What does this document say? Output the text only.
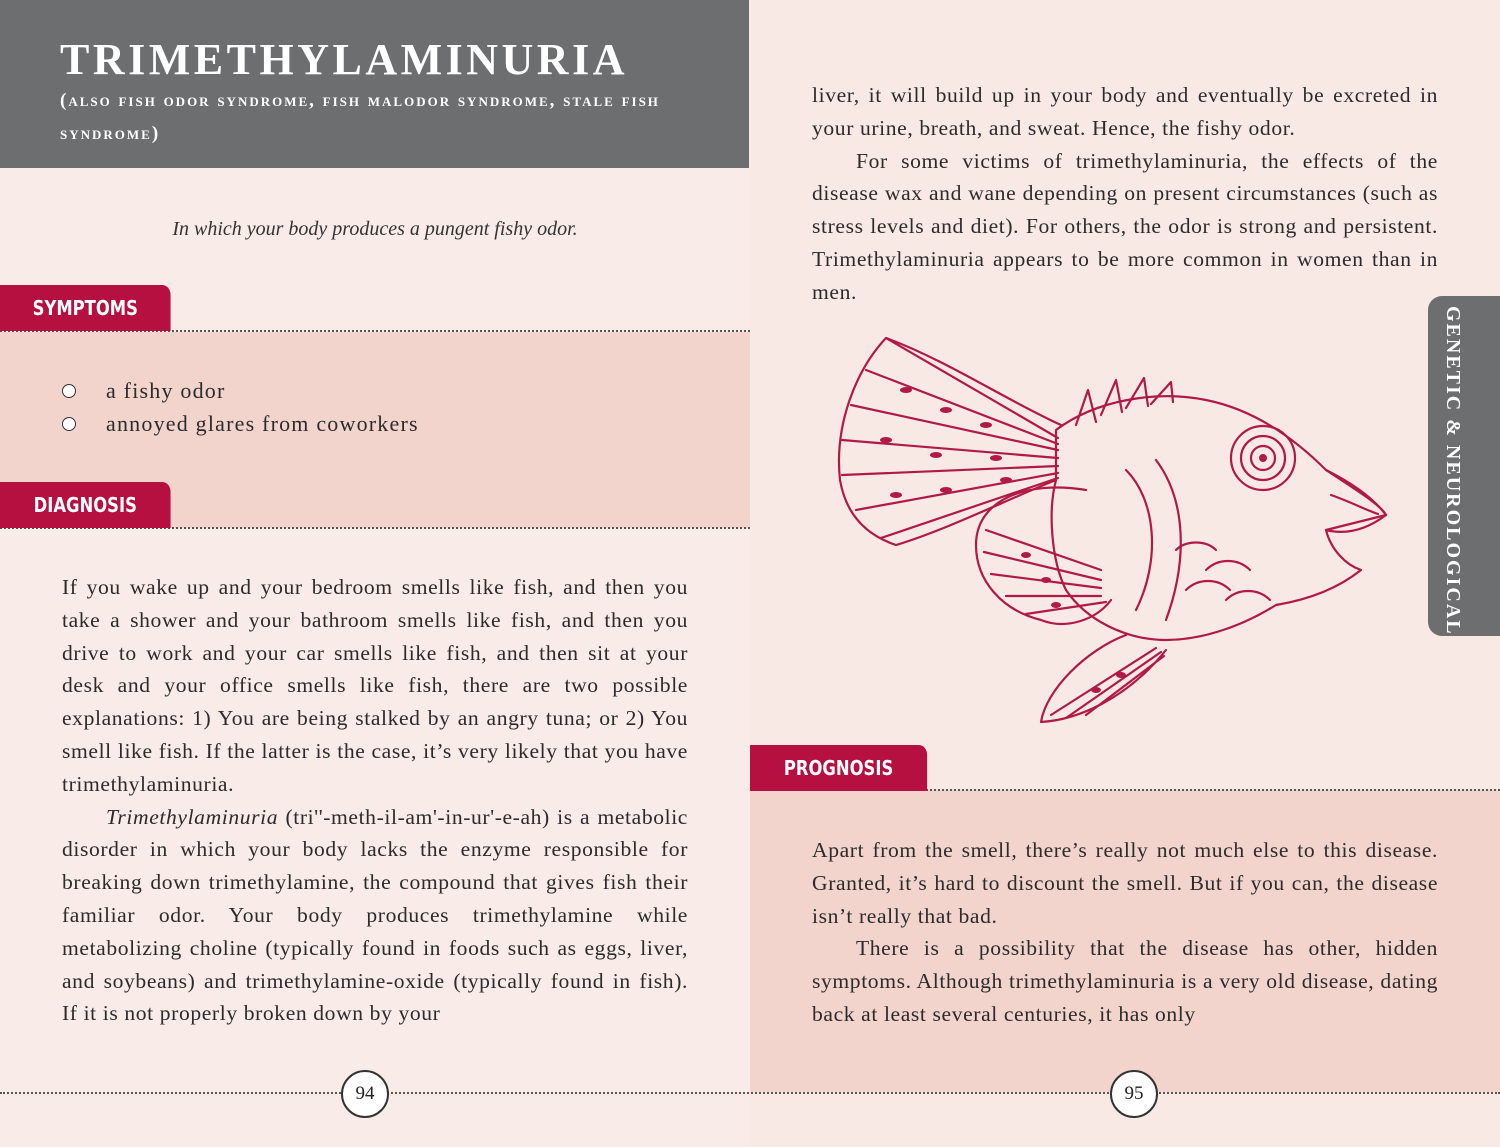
TRIMETHYLAMINURIA
(also fish odor syndrome, fish malodor syndrome, stale fish syndrome)
In which your body produces a pungent fishy odor.
SYMPTOMS
a fishy odor
annoyed glares from coworkers
DIAGNOSIS

If you wake up and your bedroom smells like fish, and then you take a shower and your bathroom smells like fish, and then you drive to work and your car smells like fish, and then sit at your desk and your office smells like fish, there are two possible explanations: 1) You are being stalked by an angry tuna; or 2) You smell like fish. If the latter is the case, it’s very likely that you have trimethylaminuria.

Trimethylaminuria (tri''-meth-il-am'-in-ur'-e-ah) is a metabolic disorder in which your body lacks the enzyme responsible for breaking down trimethylamine, the compound that gives fish their familiar odor. Your body produces trimethylamine while metabolizing choline (typically found in foods such as eggs, liver, and soybeans) and trimethylamine-oxide (typically found in fish). If it is not properly broken down by your

liver, it will build up in your body and eventually be excreted in your urine, breath, and sweat. Hence, the fishy odor.

For some victims of trimethylaminuria, the effects of the disease wax and wane depending on present circumstances (such as stress levels and diet). For others, the odor is strong and persistent. Trimethylaminuria appears to be more common in women than in men.

GENETIC & NEUROLOGICAL
PROGNOSIS

Apart from the smell, there’s really not much else to this disease. Granted, it’s hard to discount the smell. But if you can, the disease isn’t really that bad.

There is a possibility that the disease has other, hidden symptoms. Although trimethylaminuria is a very old disease, dating back at least several centuries, it has only

94	95
